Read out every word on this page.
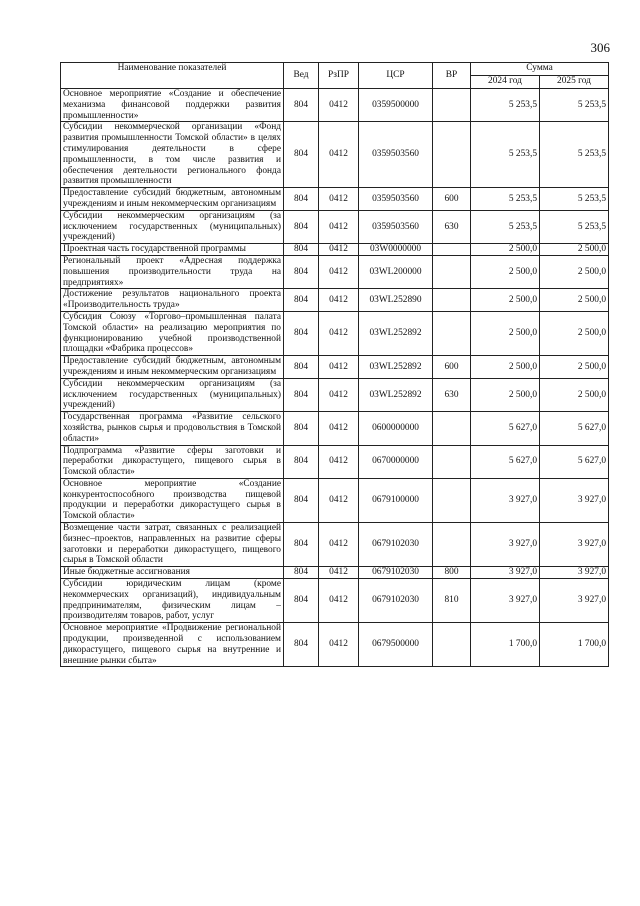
306
Наименование показателей	Вед	РзПР	ЦСР	ВР	Сумма	
					2024 год	2025 год
Основное мероприятие «Создание и обеспечение механизма финансовой поддержки развития промышленности»	804	0412	0359500000		5 253,5	5 253,5
Субсидии некоммерческой организации «Фонд развития промышленности Томской области» в целях стимулирования деятельности в сфере промышленности, в том числе развития и обеспечения деятельности регионального фонда развития промышленности	804	0412	0359503560		5 253,5	5 253,5
Предоставление субсидий бюджетным, автономным учреждениям и иным некоммерческим организациям	804	0412	0359503560	600	5 253,5	5 253,5
Субсидии некоммерческим организациям (за исключением государственных (муниципальных) учреждений)	804	0412	0359503560	630	5 253,5	5 253,5
Проектная часть государственной программы	804	0412	03W0000000		2 500,0	2 500,0
Региональный проект «Адресная поддержка повышения производительности труда на предприятиях»	804	0412	03WL200000		2 500,0	2 500,0
Достижение результатов национального проекта «Производительность труда»	804	0412	03WL252890		2 500,0	2 500,0
Субсидия Союзу «Торгово–промышленная палата Томской области» на реализацию мероприятия по функционированию учебной производственной площадки «Фабрика процессов»	804	0412	03WL252892		2 500,0	2 500,0
Предоставление субсидий бюджетным, автономным учреждениям и иным некоммерческим организациям	804	0412	03WL252892	600	2 500,0	2 500,0
Субсидии некоммерческим организациям (за исключением государственных (муниципальных) учреждений)	804	0412	03WL252892	630	2 500,0	2 500,0
Государственная программа «Развитие сельского хозяйства, рынков сырья и продовольствия в Томской области»	804	0412	0600000000		5 627,0	5 627,0
Подпрограмма «Развитие сферы заготовки и переработки дикорастущего, пищевого сырья в Томской области»	804	0412	0670000000		5 627,0	5 627,0
Основное мероприятие «Создание конкурентоспособного производства пищевой продукции и переработки дикорастущего сырья в Томской области»	804	0412	0679100000		3 927,0	3 927,0
Возмещение части затрат, связанных с реализацией бизнес–проектов, направленных на развитие сферы заготовки и переработки дикорастущего, пищевого сырья в Томской области	804	0412	0679102030		3 927,0	3 927,0
Иные бюджетные ассигнования	804	0412	0679102030	800	3 927,0	3 927,0
Субсидии юридическим лицам (кроме некоммерческих организаций), индивидуальным предпринимателям, физическим лицам – производителям товаров, работ, услуг	804	0412	0679102030	810	3 927,0	3 927,0
Основное мероприятие «Продвижение региональной продукции, произведенной с использованием дикорастущего, пищевого сырья на внутренние и внешние рынки сбыта»	804	0412	0679500000		1 700,0	1 700,0
